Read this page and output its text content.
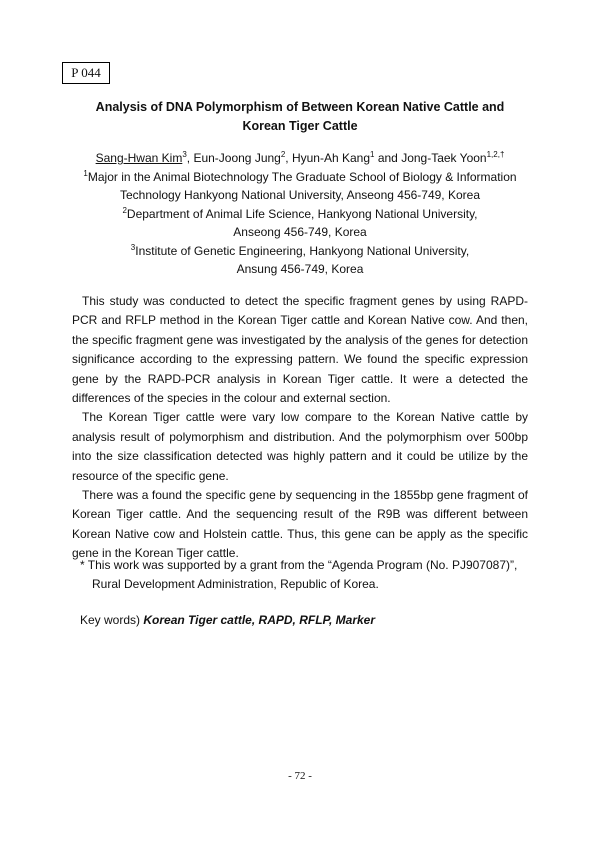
P 044
Analysis of DNA Polymorphism of Between Korean Native Cattle and
Korean Tiger Cattle
Sang-Hwan Kim$^3$, Eun-Joong Jung$^2$, Hyun-Ah Kang$^1$ and Jong-Taek Yoon$^{1,2,\dagger}$
$^1$Major in the Animal Biotechnology The Graduate School of Biology & Information
Technology Hankyong National University, Anseong 456-749, Korea
$^2$Department of Animal Life Science, Hankyong National University,
Anseong 456-749, Korea
$^3$Institute of Genetic Engineering, Hankyong National University,
Ansung 456-749, Korea

This study was conducted to detect the specific fragment genes by using RAPD-PCR and RFLP method in the Korean Tiger cattle and Korean Native cow. And then, the specific fragment gene was investigated by the analysis of the genes for detection significance according to the expressing pattern. We found the specific expression gene by the RAPD-PCR analysis in Korean Tiger cattle. It were a detected the differences of the species in the colour and external section.

The Korean Tiger cattle were vary low compare to the Korean Native cattle by analysis result of polymorphism and distribution. And the polymorphism over 500bp into the size classification detected was highly pattern and it could be utilize by the resource of the specific gene.

There was a found the specific gene by sequencing in the 1855bp gene fragment of Korean Tiger cattle. And the sequencing result of the R9B was different between Korean Native cow and Holstein cattle. Thus, this gene can be apply as the specific gene in the Korean Tiger cattle.

* This work was supported by a grant from the “Agenda Program (No. PJ907087)”,
Rural Development Administration, Republic of Korea.
Key words) Korean Tiger cattle, RAPD, RFLP, Marker
- 72 -
